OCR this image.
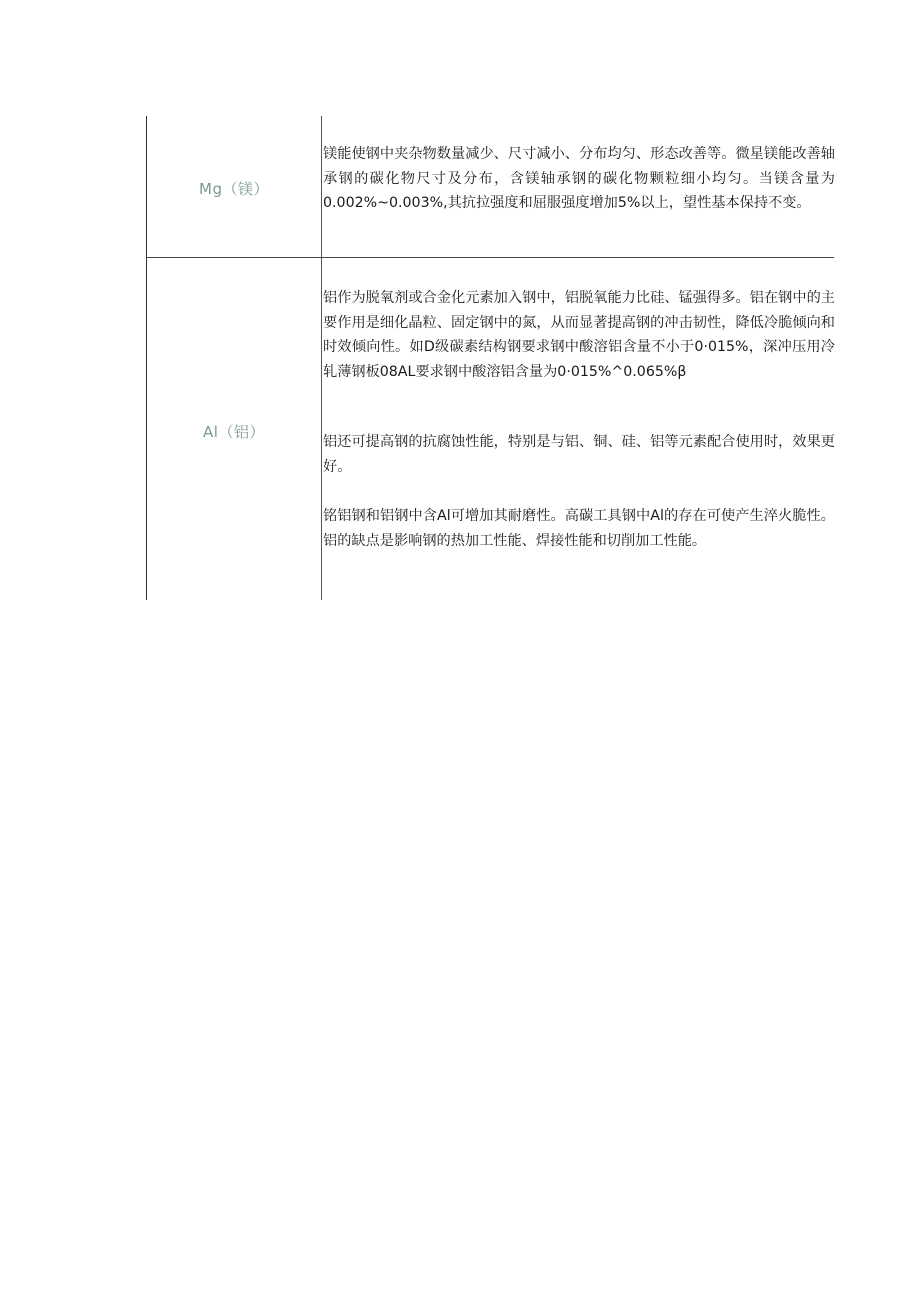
Mg（镁）

镁能使钢中夹杂物数量减少、尺寸减小、分布均匀、形态改善等。微星镁能改善轴承钢的碳化物尺寸及分布，含镁轴承钢的碳化物颗粒细小均匀。当镁含量为0.002%~0.003%,其抗拉强度和屈服强度增加5%以上，望性基本保持不变。

Al（铝）

铝作为脱氧剂或合金化元素加入钢中，铝脱氧能力比硅、锰强得多。铝在钢中的主要作用是细化晶粒、固定钢中的氮，从而显著提高钢的冲击韧性，降低冷脆倾向和时效倾向性。如D级碳素结构钢要求钢中酸溶铝含量不小于0·015%，深冲压用冷轧薄钢板08AL要求钢中酸溶铝含量为0·015%^0.065%β

铝还可提高钢的抗腐蚀性能，特别是与铝、铜、硅、铝等元素配合使用时，效果更好。

铭铝钢和铝钢中含Al可增加其耐磨性。高碳工具钢中Al的存在可使产生淬火脆性。铝的缺点是影响钢的热加工性能、焊接性能和切削加工性能。
